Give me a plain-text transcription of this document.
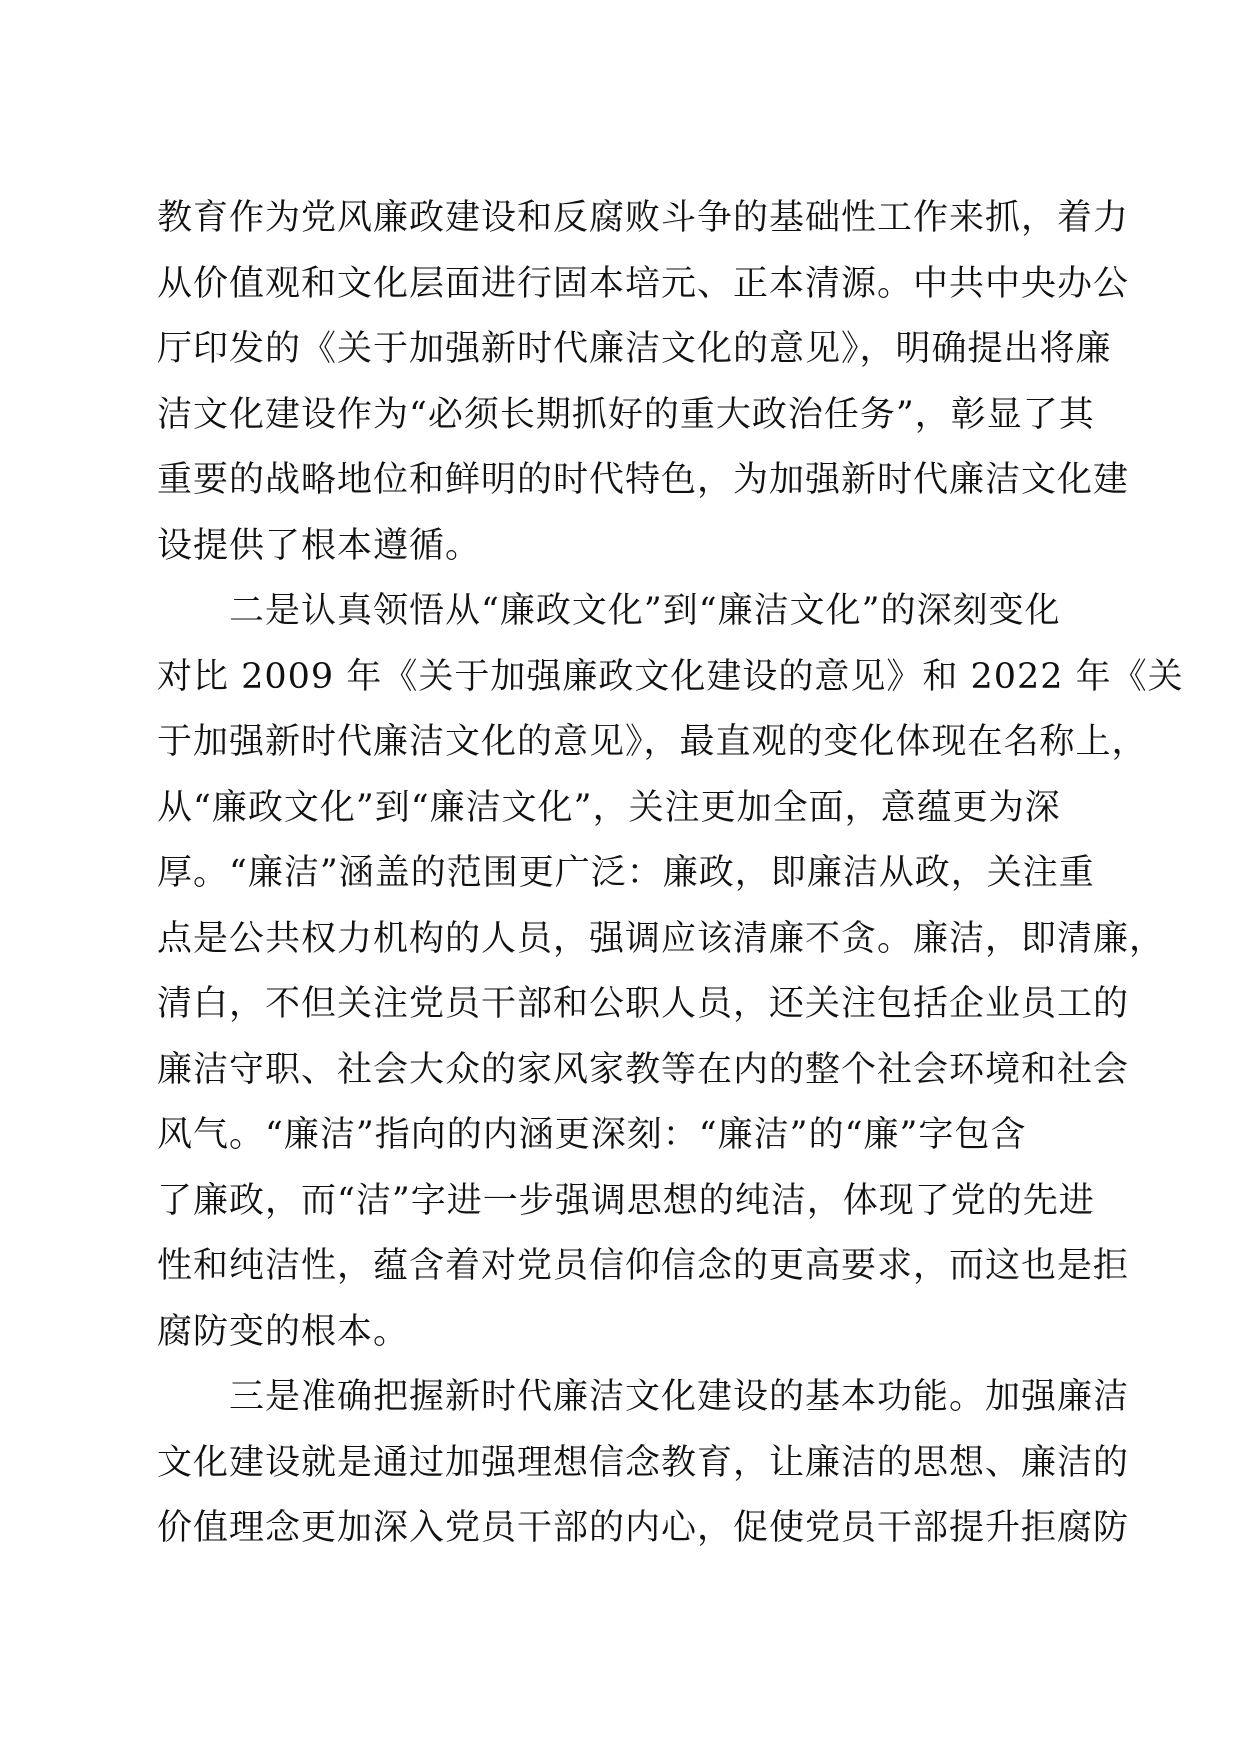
教育作为党风廉政建设和反腐败斗争的基础性工作来抓，着力
从价值观和文化层面进行固本培元、正本清源。中共中央办公
厅印发的《关于加强新时代廉洁文化的意见》，明确提出将廉
洁文化建设作为“必须长期抓好的重大政治任务”，彰显了其
重要的战略地位和鲜明的时代特色，为加强新时代廉洁文化建
设提供了根本遵循。
　　二是认真领悟从“廉政文化”到“廉洁文化”的深刻变化
对比 2009 年《关于加强廉政文化建设的意见》和 2022 年《关
于加强新时代廉洁文化的意见》，最直观的变化体现在名称上，
从“廉政文化”到“廉洁文化”，关注更加全面，意蕴更为深
厚。“廉洁”涵盖的范围更广泛：廉政，即廉洁从政，关注重
点是公共权力机构的人员，强调应该清廉不贪。廉洁，即清廉，
清白，不但关注党员干部和公职人员，还关注包括企业员工的
廉洁守职、社会大众的家风家教等在内的整个社会环境和社会
风气。“廉洁”指向的内涵更深刻：“廉洁”的“廉”字包含
了廉政，而“洁”字进一步强调思想的纯洁，体现了党的先进
性和纯洁性，蕴含着对党员信仰信念的更高要求，而这也是拒
腐防变的根本。
　　三是准确把握新时代廉洁文化建设的基本功能。加强廉洁
文化建设就是通过加强理想信念教育，让廉洁的思想、廉洁的
价值理念更加深入党员干部的内心，促使党员干部提升拒腐防
